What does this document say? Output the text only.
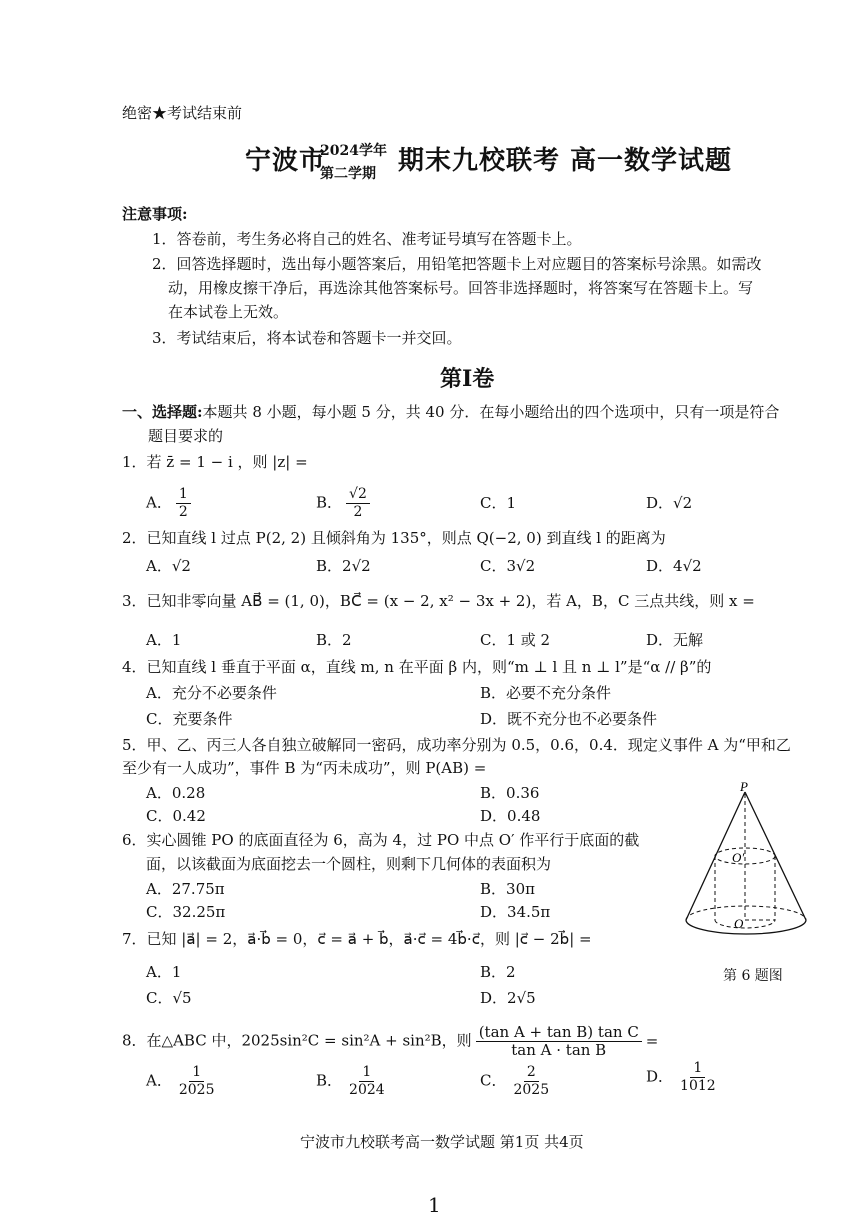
绝密★考试结束前
宁波市
2024学年
第二学期 期末九校联考 高一数学试题
注意事项:
1．答卷前，考生务必将自己的姓名、准考证号填写在答题卡上。
2．回答选择题时，选出每小题答案后，用铅笔把答题卡上对应题目的答案标号涂黑。如需改
动，用橡皮擦干净后，再选涂其他答案标号。回答非选择题时，将答案写在答题卡上。写
在本试卷上无效。
3．考试结束后，将本试卷和答题卡一并交回。
第Ⅰ卷
一、选择题:本题共 8 小题，每小题 5 分，共 40 分．在每小题给出的四个选项中，只有一项是符合
题目要求的
1．若 z̄ = 1 − i ，则 |z| =
A． $\frac{1}{2}$	B． $\frac{√2}{2}$	C．1	D．√2
2．已知直线 l 过点 P(2, 2) 且倾斜角为 135°，则点 Q(−2, 0) 到直线 l 的距离为
A．√2	B．2√2	C．3√2	D．4√2
3．已知非零向量 AB⃗ = (1, 0)，BC⃗ = (x − 2, x² − 3x + 2)，若 A，B，C 三点共线，则 x =
A．1	B．2	C．1 或 2	D．无解
4．已知直线 l 垂直于平面 α，直线 m, n 在平面 β 内，则“m ⊥ l 且 n ⊥ l”是“α // β”的
A．充分不必要条件	B．必要不充分条件
C．充要条件	D．既不充分也不必要条件
5．甲、乙、丙三人各自独立破解同一密码，成功率分别为 0.5，0.6，0.4．现定义事件 A 为“甲和乙
至少有一人成功”，事件 B 为“丙未成功”，则 P(AB) =
A．0.28	B．0.36
C．0.42	D．0.48
6．实心圆锥 PO 的底面直径为 6，高为 4，过 PO 中点 O′ 作平行于底面的截
面，以该截面为底面挖去一个圆柱，则剩下几何体的表面积为
A．27.75π	B．30π
C．32.25π	D．34.5π
P
O′
O
第 6 题图
7．已知 |a⃗| = 2，a⃗·b⃗ = 0，c⃗ = a⃗ + b⃗，a⃗·c⃗ = 4b⃗·c⃗，则 |c⃗ − 2b⃗| =
A．1	B．2
C．√5	D．2√5
8．在△ABC 中，2025sin²C = sin²A + sin²B，则 $\frac{\text{(tan A + tan B) tan C}}{\text{tan A · tan B}}$ =
A． $\frac{1}{2025}$	B． $\frac{1}{2024}$	C． $\frac{2}{2025}$	D． $\frac{1}{1012}$
宁波市九校联考高一数学试题 第1页 共4页
1
